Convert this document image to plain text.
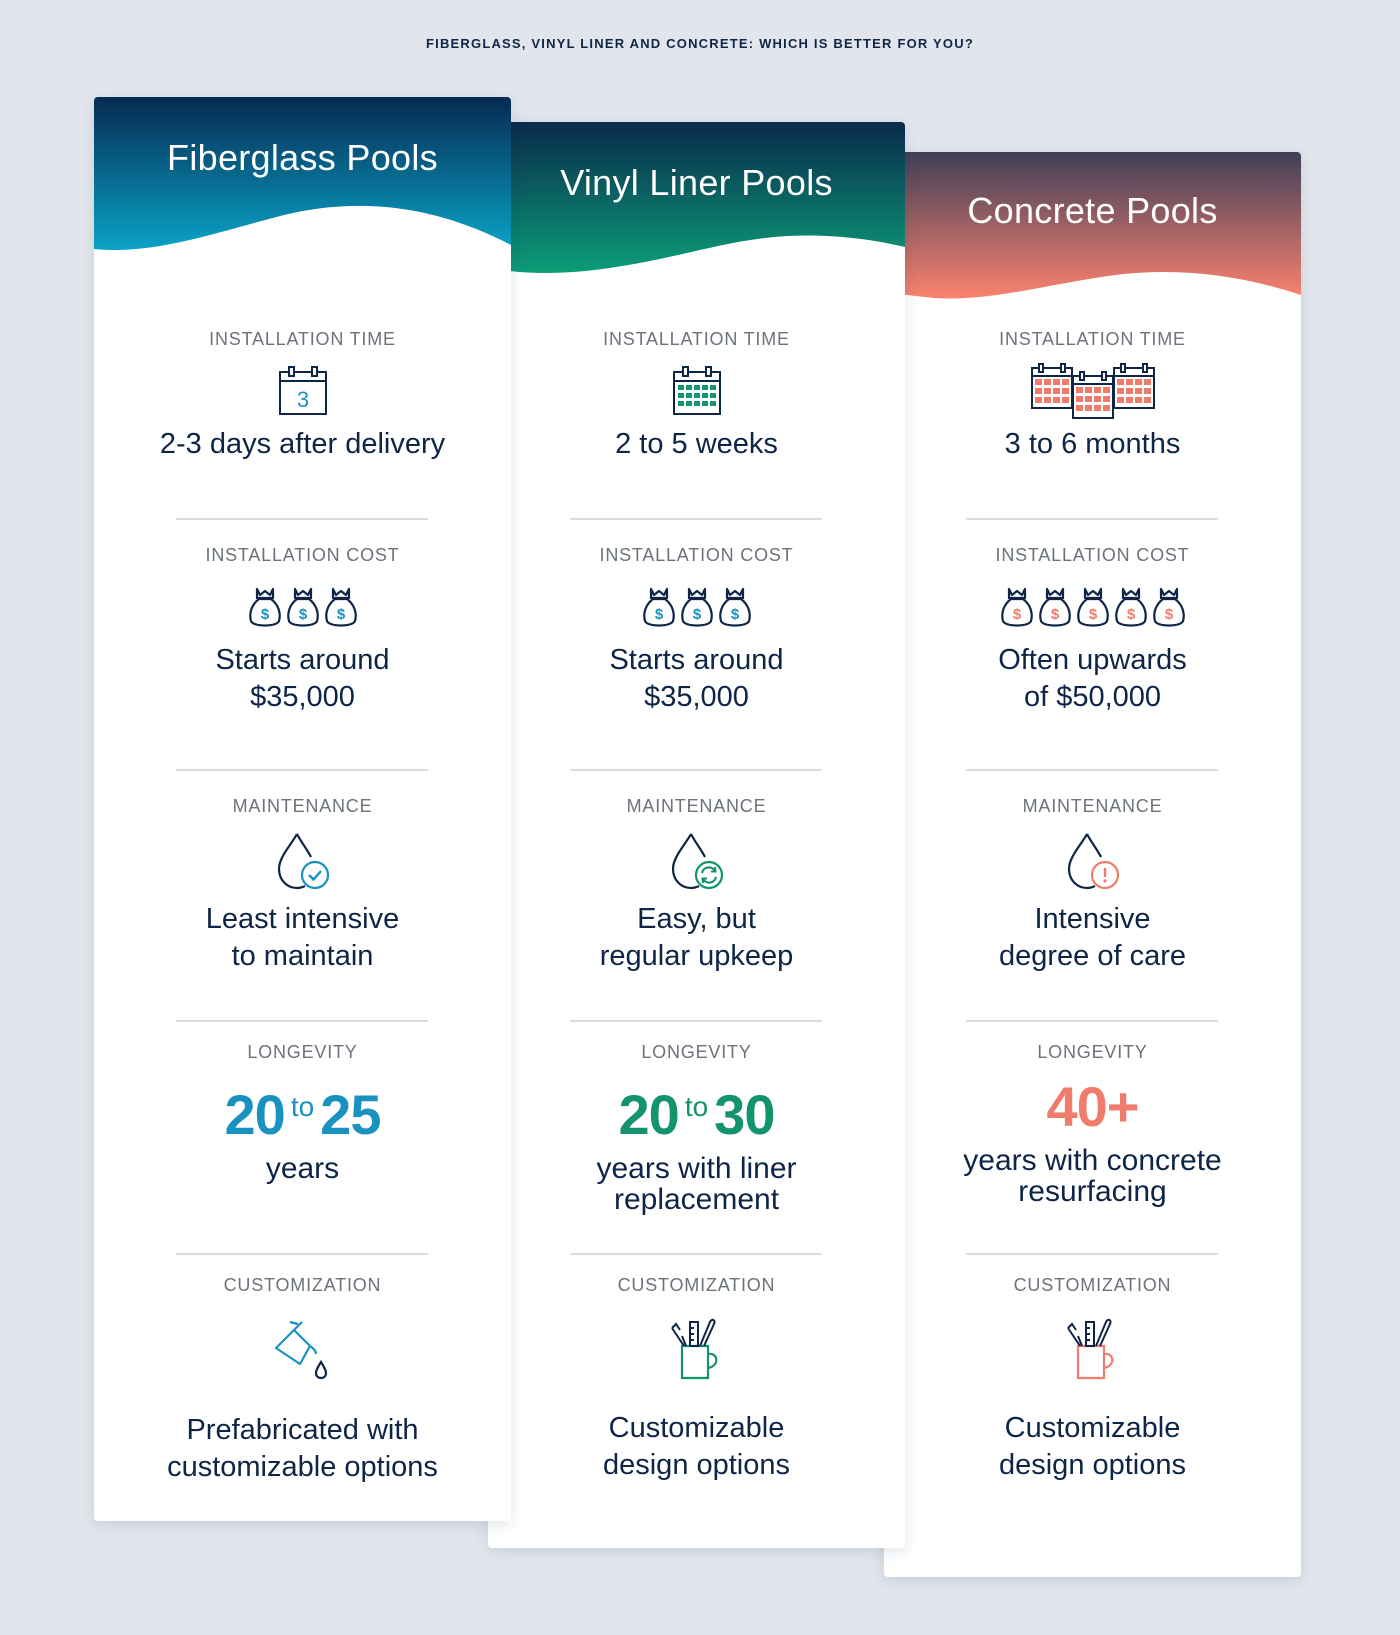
FIBERGLASS, VINYL LINER AND CONCRETE: WHICH IS BETTER FOR YOU?
Fiberglass Pools
INSTALLATION TIME
3
2-3 days after delivery
INSTALLATION COST
$ $ $
Starts around
$35,000
MAINTENANCE
Least intensive
to maintain
LONGEVITY
20 $^{to}$ 25
years
CUSTOMIZATION
Prefabricated with
customizable options
Vinyl Liner Pools
INSTALLATION TIME
2 to 5 weeks
INSTALLATION COST
$ $ $
Starts around
$35,000
MAINTENANCE
Easy, but
regular upkeep
LONGEVITY
20 $^{to}$ 30
years with liner
replacement
CUSTOMIZATION
Customizable
design options
Concrete Pools
INSTALLATION TIME
3 to 6 months
INSTALLATION COST
$ $ $ $ $
Often upwards
of $50,000
MAINTENANCE
Intensive
degree of care
LONGEVITY
40+
years with concrete
resurfacing
CUSTOMIZATION
Customizable
design options
